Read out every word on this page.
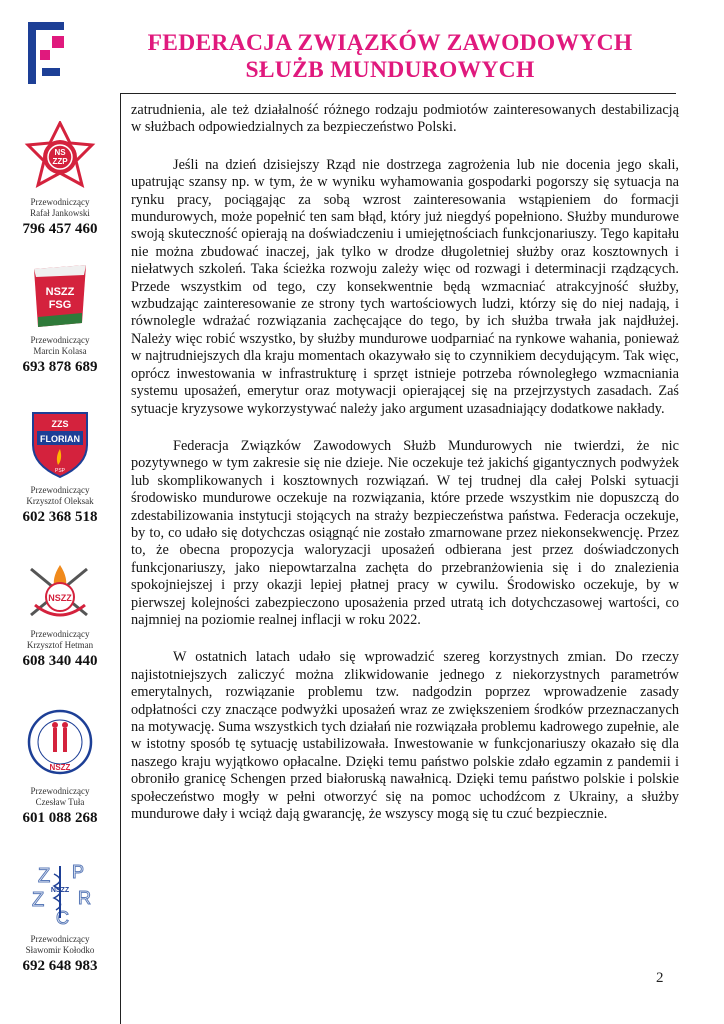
FEDERACJA ZWIĄZKÓW ZAWODOWYCH
SŁUŻB MUNDUROWYCH
NS
ZZP
Przewodniczący
Rafał Jankowski
796 457 460
NSZZ
FSG
Przewodniczący
Marcin Kolasa
693 878 689
ZZS
FLORIAN
PSP
Przewodniczący
Krzysztof Oleksak
602 368 518
NSZZ
Przewodniczący
Krzysztof Hetman
608 340 440
NSZZ
Przewodniczący
Czesław Tuła
601 088 268
Z P
Z R
C
NSZZ
Przewodniczący
Sławomir Kołodko
692 648 983

zatrudnienia, ale też działalność różnego rodzaju podmiotów zainteresowanych destabilizacją w służbach odpowiedzialnych za bezpieczeństwo Polski.

Jeśli na dzień dzisiejszy Rząd nie dostrzega zagrożenia lub nie docenia jego skali, upatrując szansy np. w tym, że w wyniku wyhamowania gospodarki pogorszy się sytuacja na rynku pracy, pociągając za sobą wzrost zainteresowania wstąpieniem do formacji mundurowych, może popełnić ten sam błąd, który już niegdyś popełniono. Służby mundurowe swoją skuteczność opierają na doświadczeniu i umiejętnościach funkcjonariuszy. Tego kapitału nie można zbudować inaczej, jak tylko w drodze długoletniej służby oraz kosztownych i niełatwych szkoleń. Taka ścieżka rozwoju zależy więc od rozwagi i determinacji rządzących. Przede wszystkim od tego, czy konsekwentnie będą wzmacniać atrakcyjność służby, wzbudzając zainteresowanie ze strony tych wartościowych ludzi, którzy się do niej nadają, i równolegle wdrażać rozwiązania zachęcające do tego, by ich służba trwała jak najdłużej. Należy więc robić wszystko, by służby mundurowe uodparniać na rynkowe wahania, ponieważ w najtrudniejszych dla kraju momentach okazywało się to czynnikiem decydującym. Tak więc, oprócz inwestowania w infrastrukturę i sprzęt istnieje potrzeba równoległego wzmacniania systemu uposażeń, emerytur oraz motywacji opierającej się na przejrzystych zasadach. Zaś sytuacje kryzysowe wykorzystywać należy jako argument uzasadniający dodatkowe nakłady.

Federacja Związków Zawodowych Służb Mundurowych nie twierdzi, że nic pozytywnego w tym zakresie się nie dzieje. Nie oczekuje też jakichś gigantycznych podwyżek lub skomplikowanych i kosztownych rozwiązań. W tej trudnej dla całej Polski sytuacji środowisko mundurowe oczekuje na rozwiązania, które przede wszystkim nie dopuszczą do zdestabilizowania instytucji stojących na straży bezpieczeństwa państwa. Federacja oczekuje, by to, co udało się dotychczas osiągnąć nie zostało zmarnowane przez niekonsekwencję. Przez to, że obecna propozycja waloryzacji uposażeń odbierana jest przez doświadczonych funkcjonariuszy, jako niepowtarzalna zachęta do przebranżowienia się i do znalezienia spokojniejszej i przy okazji lepiej płatnej pracy w cywilu. Środowisko oczekuje, by w pierwszej kolejności zabezpieczono uposażenia przed utratą ich dotychczasowej wartości, co najmniej na poziomie realnej inflacji w roku 2022.

W ostatnich latach udało się wprowadzić szereg korzystnych zmian. Do rzeczy najistotniejszych zaliczyć można zlikwidowanie jednego z niekorzystnych parametrów emerytalnych, rozwiązanie problemu tzw. nadgodzin poprzez wprowadzenie zasady odpłatności czy znaczące podwyżki uposażeń wraz ze zwiększeniem środków przeznaczanych na motywację. Suma wszystkich tych działań nie rozwiązała problemu kadrowego zupełnie, ale w istotny sposób tę sytuację ustabilizowała. Inwestowanie w funkcjonariuszy okazało się dla naszego kraju wyjątkowo opłacalne. Dzięki temu państwo polskie zdało egzamin z pandemii i obroniło granicę Schengen przed białoruską nawałnicą. Dzięki temu państwo polskie i polskie społeczeństwo mogły w pełni otworzyć się na pomoc uchodźcom z Ukrainy, a służby mundurowe dały i wciąż dają gwarancję, że wszyscy mogą się tu czuć bezpiecznie.

2
